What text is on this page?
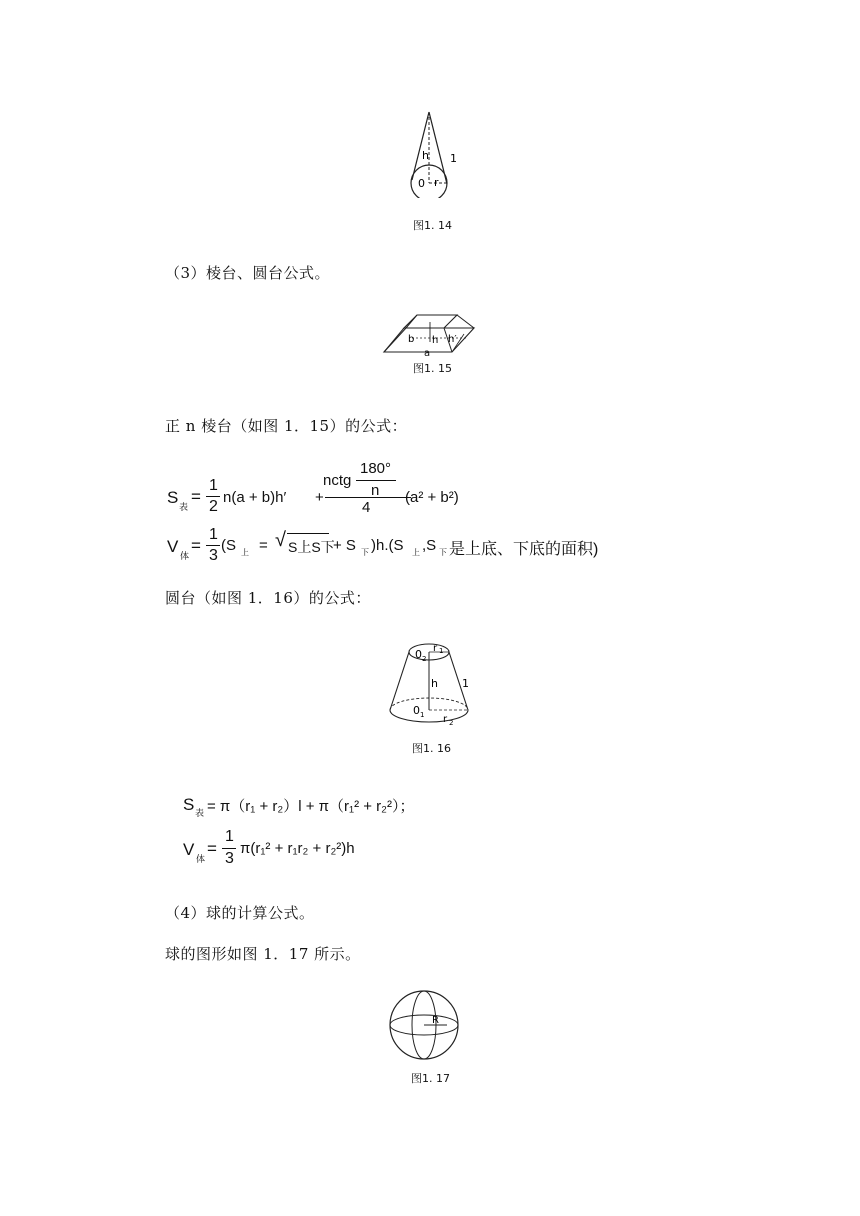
h 1
0 r
图1. 14
（3）棱台、圆台公式。
b h h′
a
图1. 15
正 n 棱台（如图 1．15）的公式：
S 表
=
1
2
n(a + b)h′ +
180°
nctg
n
4
(a² + b²)
V 体
=
1
3
(S 上 = √ S上S下
+ S 下 )h.(S 上 ,S 下 是上底、下底的面积)
圆台（如图 1．16）的公式：
0 2
r 1
h 1
0 1 r 2
图1. 16
S 表 = π（r₁ + r₂）l + π（r₁² + r₂²）；
V 体
=
1
3
π(r₁² + r₁r₂ + r₂²)h
（4）球的计算公式。
球的图形如图 1．17 所示。
R
图1. 17
